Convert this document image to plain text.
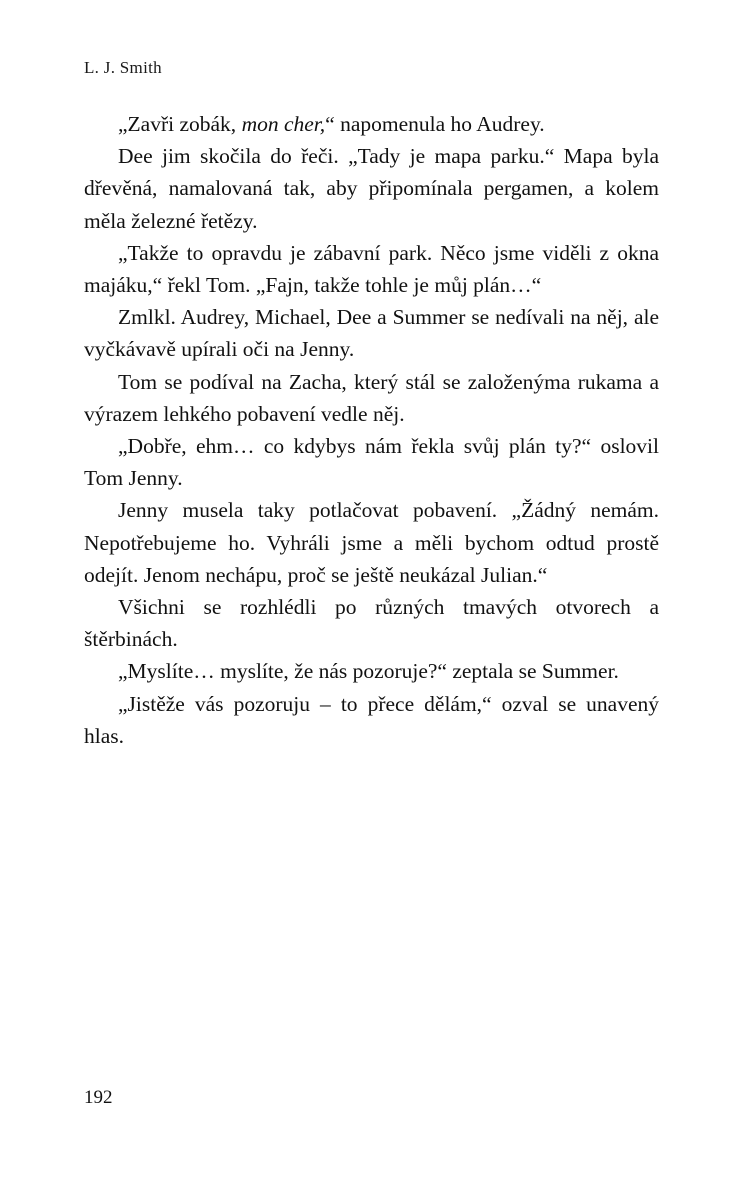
L. J. Smith

„Zavři zobák, mon cher,“ napomenula ho Audrey.

Dee jim skočila do řeči. „Tady je mapa parku.“ Mapa byla dřevěná, namalovaná tak, aby připomínala pergamen, a kolem měla železné řetězy.

„Takže to opravdu je zábavní park. Něco jsme viděli z okna majáku,“ řekl Tom. „Fajn, takže tohle je můj plán…“

Zmlkl. Audrey, Michael, Dee a Summer se nedívali na něj, ale vyčkávavě upírali oči na Jenny.

Tom se podíval na Zacha, který stál se založenýma rukama a výrazem lehkého pobavení vedle něj.

„Dobře, ehm… co kdybys nám řekla svůj plán ty?“ oslovil Tom Jenny.

Jenny musela taky potlačovat pobavení. „Žádný nemám. Nepotřebujeme ho. Vyhráli jsme a měli bychom odtud prostě odejít. Jenom nechápu, proč se ještě neukázal Julian.“

Všichni se rozhlédli po různých tmavých otvorech a štěrbinách.

„Myslíte… myslíte, že nás pozoruje?“ zeptala se Summer.

„Jistěže vás pozoruju – to přece dělám,“ ozval se unavený hlas.

192
